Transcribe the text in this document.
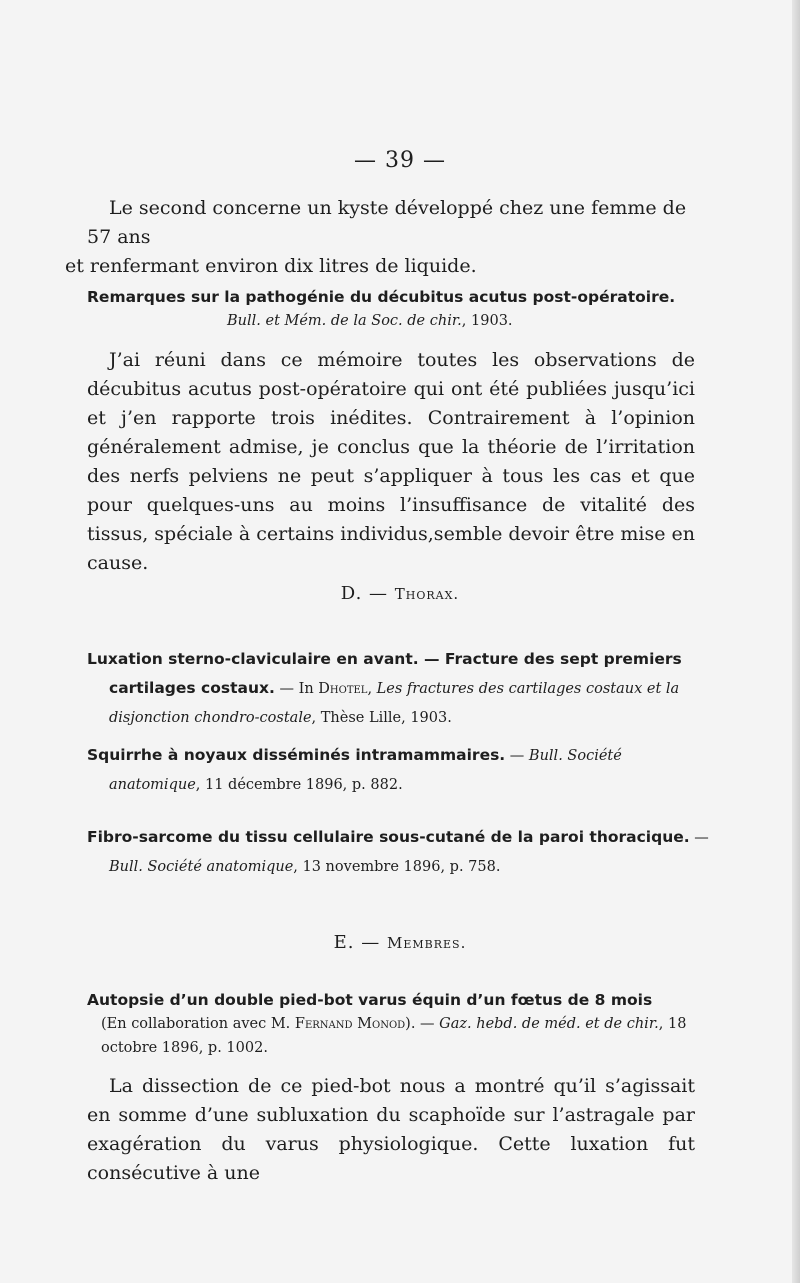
— 39 —
Le second concerne un kyste développé chez une femme de 57 ans
et renfermant environ dix litres de liquide.
Remarques sur la pathogénie du décubitus acutus post-opératoire.
Bull. et Mém. de la Soc. de chir., 1903.
J’ai réuni dans ce mémoire toutes les observations de décubitus acutus post-opératoire qui ont été publiées jusqu’ici et j’en rapporte trois inédites. Contrairement à l’opinion généralement admise, je conclus que la théorie de l’irritation des nerfs pelviens ne peut s’appliquer à tous les cas et que pour quelques-uns au moins l’insuffisance de vitalité des tissus, spéciale à certains individus,semble devoir être mise en cause.
D. — Thorax.
Luxation sterno-claviculaire en avant. — Fracture des sept premiers cartilages costaux. — In Dhotel, Les fractures des cartilages costaux et la disjonction chondro-costale, Thèse Lille, 1903.
Squirrhe à noyaux disséminés intramammaires. — Bull. Société anatomique, 11 décembre 1896, p. 882.
Fibro-sarcome du tissu cellulaire sous-cutané de la paroi thoracique. — Bull. Société anatomique, 13 novembre 1896, p. 758.
E. — Membres.
Autopsie d’un double pied-bot varus équin d’un fœtus de 8 mois
(En collaboration avec M. Fernand Monod). — Gaz. hebd. de méd. et de chir., 18 octobre 1896, p. 1002.
La dissection de ce pied-bot nous a montré qu’il s’agissait en somme d’une subluxation du scaphoïde sur l’astragale par exagération du varus physiologique. Cette luxation fut consécutive à une
